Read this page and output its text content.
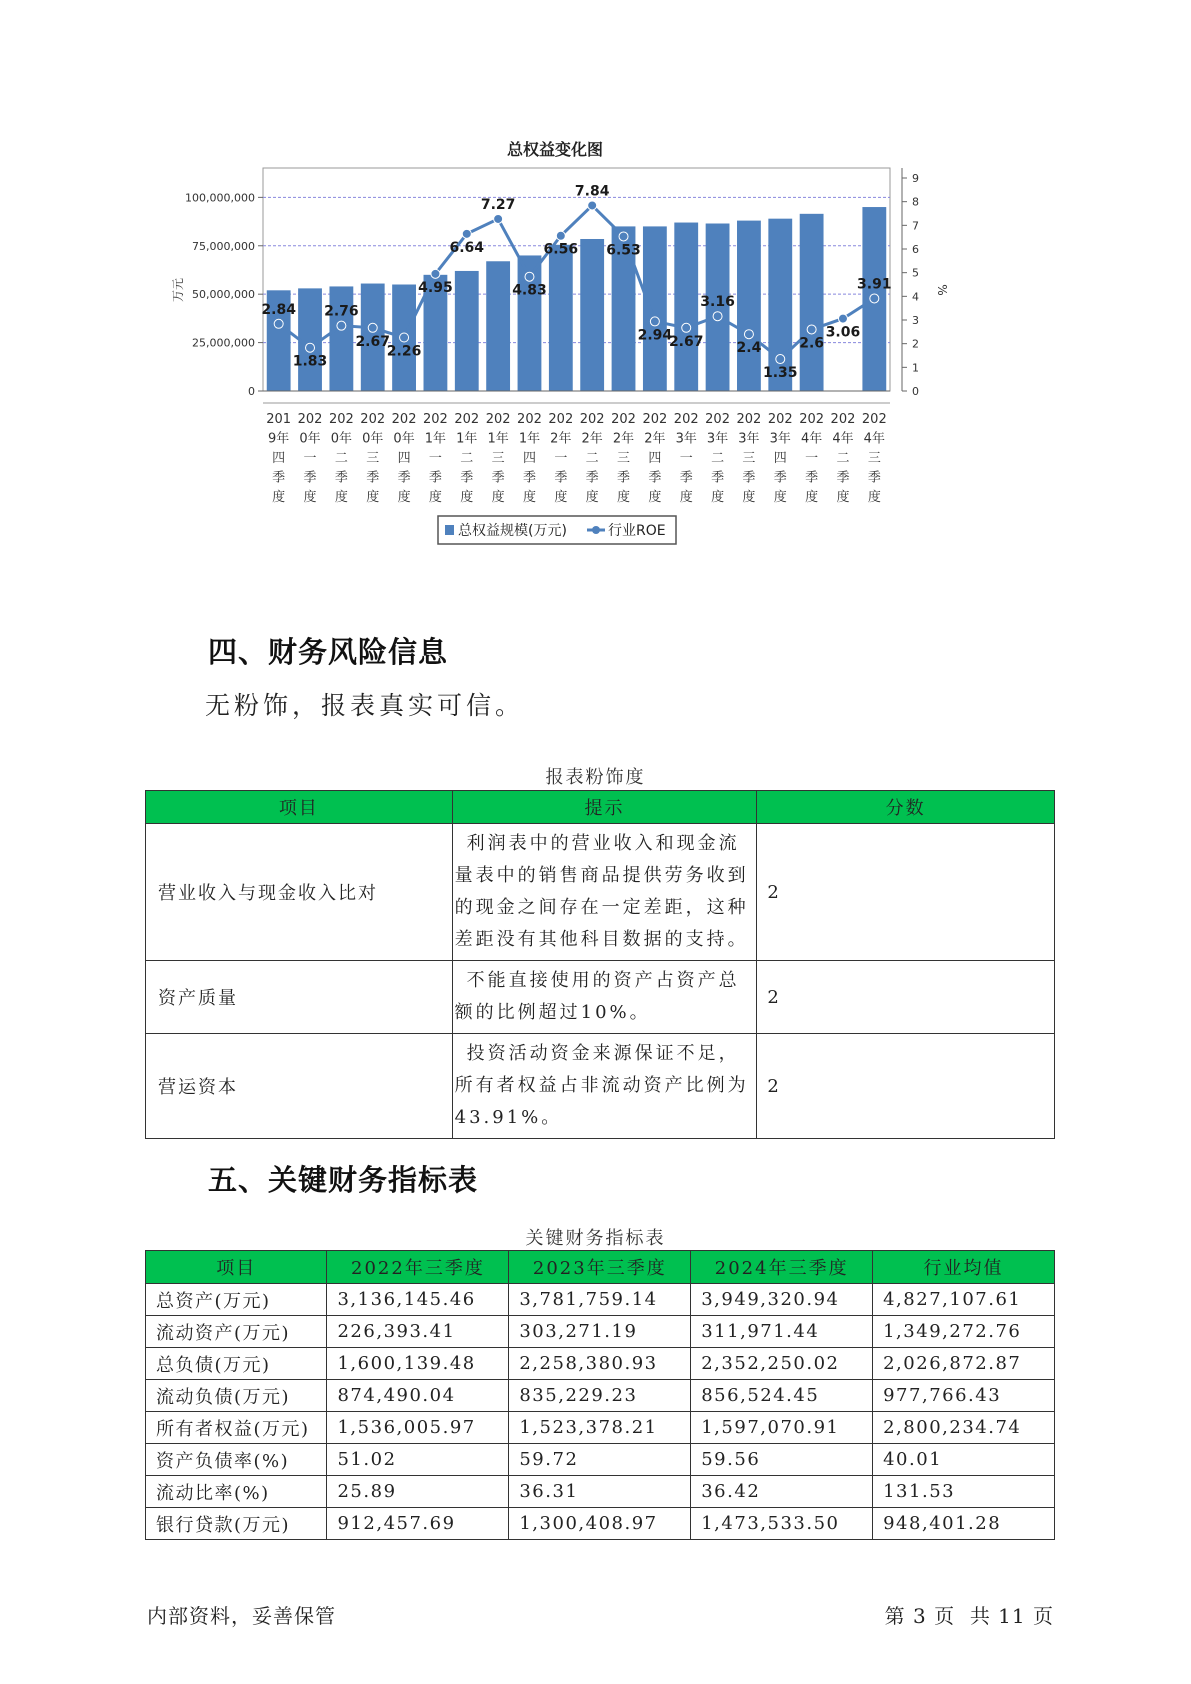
总权益变化图
0
25,000,000
50,000,000
75,000,000
100,000,000
万元
0
1
2
3
4
5
6
7
8
9
%
201
9年
四
季
度
202
0年
一
季
度
202
0年
二
季
度
202
0年
三
季
度
202
0年
四
季
度
202
1年
一
季
度
202
1年
二
季
度
202
1年
三
季
度
202
1年
四
季
度
202
2年
一
季
度
202
2年
二
季
度
202
2年
三
季
度
202
2年
四
季
度
202
3年
一
季
度
202
3年
二
季
度
202
3年
三
季
度
202
3年
四
季
度
202
4年
一
季
度
202
4年
二
季
度
202
4年
三
季
度
2.84
1.83
2.76
2.67
2.26
4.95
6.64
7.27
4.83
6.56
7.84
6.53
2.94
2.67
3.16
2.4
1.35
2.6
3.06
3.91
总权益规模(万元)	行业ROE
四、财务风险信息
无粉饰，报表真实可信。
报表粉饰度
项目	提示	分数
营业收入与现金收入比对	利润表中的营业收入和现金流量表中的销售商品提供劳务收到的现金之间存在一定差距，这种差距没有其他科目数据的支持。	2
资产质量	不能直接使用的资产占资产总额的比例超过10%。	2
营运资本	投资活动资金来源保证不足，所有者权益占非流动资产比例为43.91%。	2
五、关键财务指标表
关键财务指标表
项目	2022年三季度	2023年三季度	2024年三季度	行业均值
总资产(万元)	3,136,145.46	3,781,759.14	3,949,320.94	4,827,107.61
流动资产(万元)	226,393.41	303,271.19	311,971.44	1,349,272.76
总负债(万元)	1,600,139.48	2,258,380.93	2,352,250.02	2,026,872.87
流动负债(万元)	874,490.04	835,229.23	856,524.45	977,766.43
所有者权益(万元)	1,536,005.97	1,523,378.21	1,597,070.91	2,800,234.74
资产负债率(%)	51.02	59.72	59.56	40.01
流动比率(%)	25.89	36.31	36.42	131.53
银行贷款(万元)	912,457.69	1,300,408.97	1,473,533.50	948,401.28
内部资料，妥善保管	第 3 页  共 11 页
